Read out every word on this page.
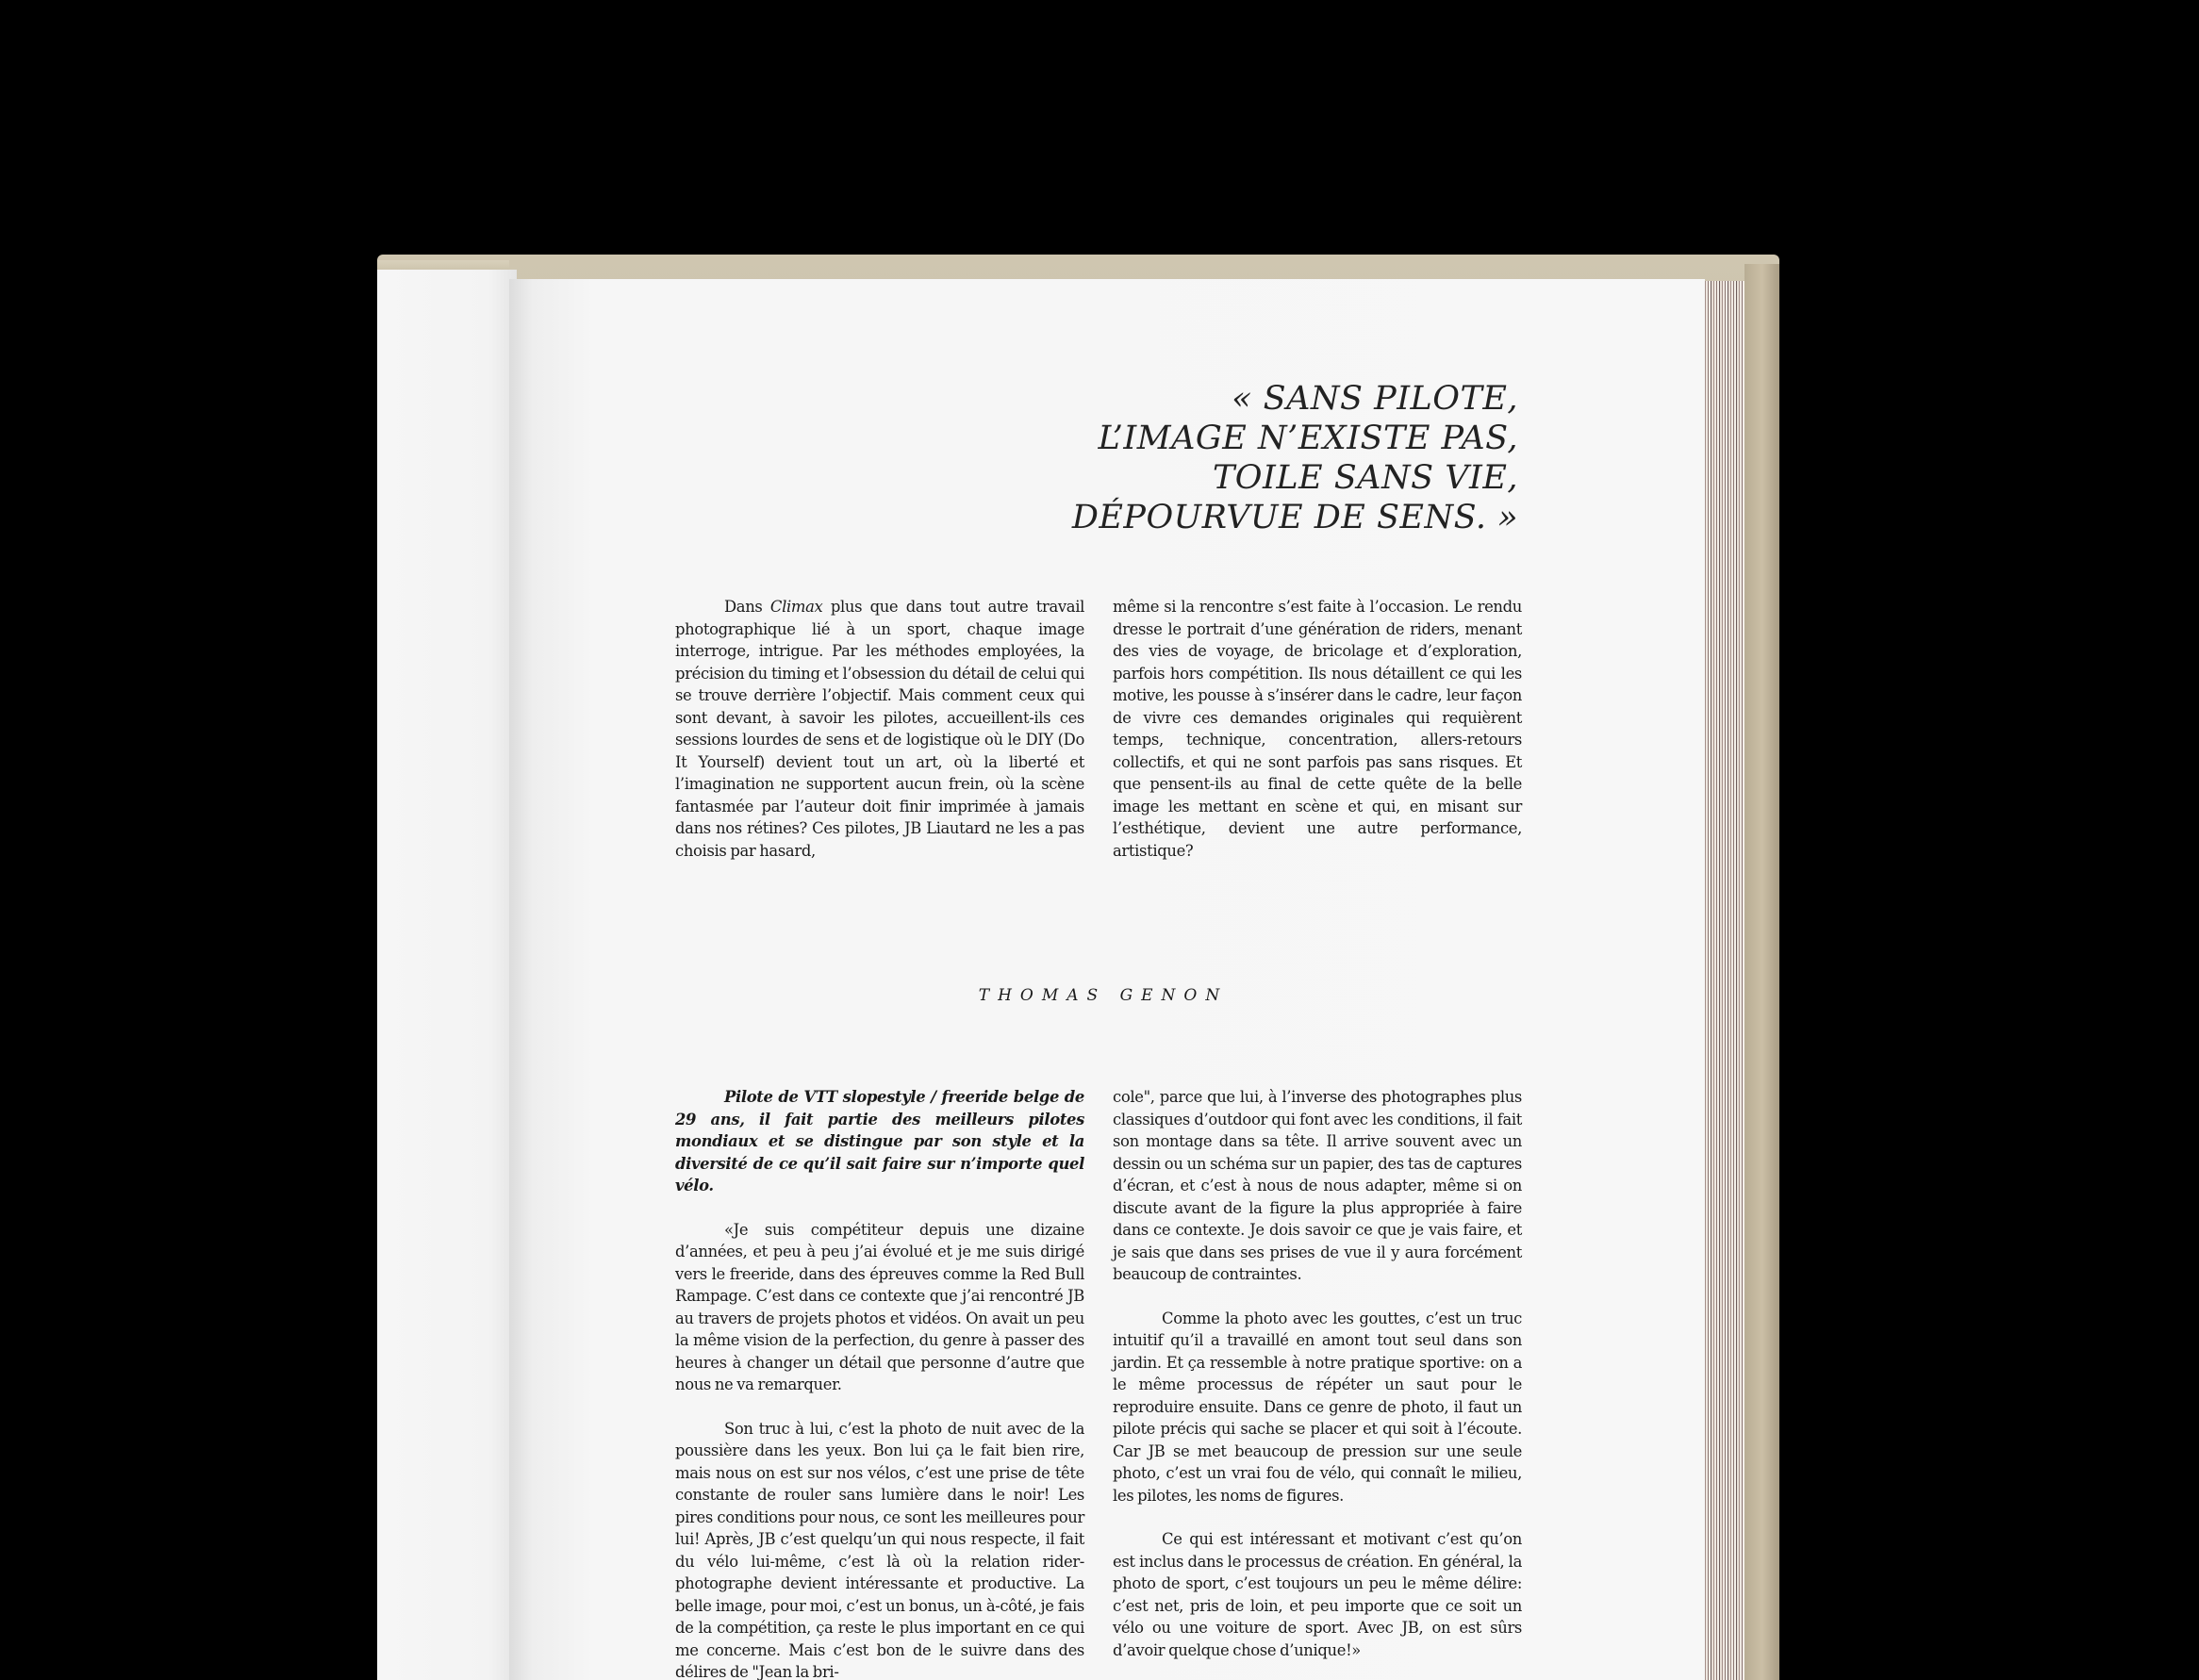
« SANS PILOTE,
L’IMAGE N’EXISTE PAS,
TOILE SANS VIE,
DÉPOURVUE DE SENS. »

Dans Climax plus que dans tout autre travail photographique lié à un sport, chaque image interroge, intrigue. Par les méthodes employées, la précision du timing et l’obsession du détail de celui qui se trouve derrière l’objectif. Mais comment ceux qui sont devant, à savoir les pilotes, accueillent-ils ces sessions lourdes de sens et de logistique où le DIY (Do It Yourself) devient tout un art, où la liberté et l’imagination ne supportent aucun frein, où la scène fantasmée par l’auteur doit finir imprimée à jamais dans nos rétines? Ces pilotes, JB Liautard ne les a pas choisis par hasard,

même si la rencontre s’est faite à l’occasion. Le rendu dresse le portrait d’une génération de riders, menant des vies de voyage, de bricolage et d’exploration, parfois hors compétition. Ils nous détaillent ce qui les motive, les pousse à s’insérer dans le cadre, leur façon de vivre ces demandes originales qui requièrent temps, technique, concentration, allers-retours collectifs, et qui ne sont parfois pas sans risques. Et que pensent-ils au final de cette quête de la belle image les mettant en scène et qui, en misant sur l’esthétique, devient une autre performance, artistique?

THOMAS GENON

Pilote de VTT slopestyle / freeride belge de 29 ans, il fait partie des meilleurs pilotes mondiaux et se distingue par son style et la diversité de ce qu’il sait faire sur n’importe quel vélo.

«Je suis compétiteur depuis une dizaine d’années, et peu à peu j’ai évolué et je me suis dirigé vers le freeride, dans des épreuves comme la Red Bull Rampage. C’est dans ce contexte que j’ai rencontré JB au travers de projets photos et vidéos. On avait un peu la même vision de la perfection, du genre à passer des heures à changer un détail que personne d’autre que nous ne va remarquer.

Son truc à lui, c’est la photo de nuit avec de la poussière dans les yeux. Bon lui ça le fait bien rire, mais nous on est sur nos vélos, c’est une prise de tête constante de rouler sans lumière dans le noir! Les pires conditions pour nous, ce sont les meilleures pour lui! Après, JB c’est quelqu’un qui nous respecte, il fait du vélo lui-même, c’est là où la relation rider-photographe devient intéressante et productive. La belle image, pour moi, c’est un bonus, un à-côté, je fais de la compétition, ça reste le plus important en ce qui me concerne. Mais c’est bon de le suivre dans des délires de "Jean la bri-

cole", parce que lui, à l’inverse des photographes plus classiques d’outdoor qui font avec les conditions, il fait son montage dans sa tête. Il arrive souvent avec un dessin ou un schéma sur un papier, des tas de captures d’écran, et c’est à nous de nous adapter, même si on discute avant de la figure la plus appropriée à faire dans ce contexte. Je dois savoir ce que je vais faire, et je sais que dans ses prises de vue il y aura forcément beaucoup de contraintes.

Comme la photo avec les gouttes, c’est un truc intuitif qu’il a travaillé en amont tout seul dans son jardin. Et ça ressemble à notre pratique sportive: on a le même processus de répéter un saut pour le reproduire ensuite. Dans ce genre de photo, il faut un pilote précis qui sache se placer et qui soit à l’écoute. Car JB se met beaucoup de pression sur une seule photo, c’est un vrai fou de vélo, qui connaît le milieu, les pilotes, les noms de figures.

Ce qui est intéressant et motivant c’est qu’on est inclus dans le processus de création. En général, la photo de sport, c’est toujours un peu le même délire: c’est net, pris de loin, et peu importe que ce soit un vélo ou une voiture de sport. Avec JB, on est sûrs d’avoir quelque chose d’unique!»
